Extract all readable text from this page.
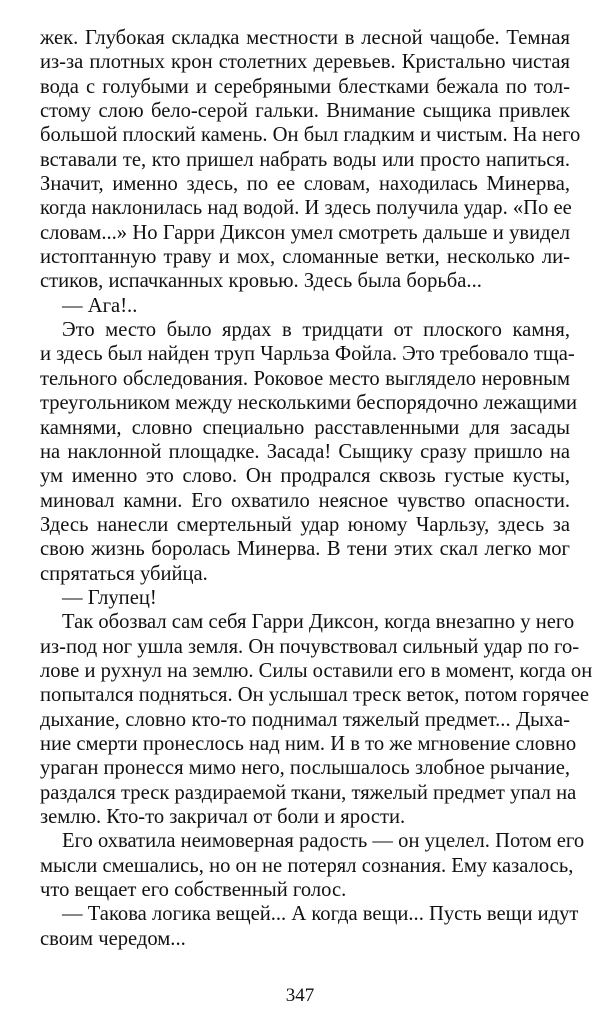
жек. Глубокая складка местности в лесной чащобе. Темная
из-за плотных крон столетних деревьев. Кристально чистая
вода с голубыми и серебряными блестками бежала по тол-
стому слою бело-серой гальки. Внимание сыщика привлек
большой плоский камень. Он был гладким и чистым. На него
вставали те, кто пришел набрать воды или просто напиться.
Значит, именно здесь, по ее словам, находилась Минерва,
когда наклонилась над водой. И здесь получила удар. «По ее
словам...» Но Гарри Диксон умел смотреть дальше и увидел
истоптанную траву и мох, сломанные ветки, несколько ли-
стиков, испачканных кровью. Здесь была борьба...
— Ага!..
Это место было ярдах в тридцати от плоского камня,
и здесь был найден труп Чарльза Фойла. Это требовало тща-
тельного обследования. Роковое место выглядело неровным
треугольником между несколькими беспорядочно лежащими
камнями, словно специально расставленными для засады
на наклонной площадке. Засада! Сыщику сразу пришло на
ум именно это слово. Он продрался сквозь густые кусты,
миновал камни. Его охватило неясное чувство опасности.
Здесь нанесли смертельный удар юному Чарльзу, здесь за
свою жизнь боролась Минерва. В тени этих скал легко мог
спрятаться убийца.
— Глупец!
Так обозвал сам себя Гарри Диксон, когда внезапно у него
из-под ног ушла земля. Он почувствовал сильный удар по го-
лове и рухнул на землю. Силы оставили его в момент, когда он
попытался подняться. Он услышал треск веток, потом горячее
дыхание, словно кто-то поднимал тяжелый предмет... Дыха-
ние смерти пронеслось над ним. И в то же мгновение словно
ураган пронесся мимо него, послышалось злобное рычание,
раздался треск раздираемой ткани, тяжелый предмет упал на
землю. Кто-то закричал от боли и ярости.
Его охватила неимоверная радость — он уцелел. Потом его
мысли смешались, но он не потерял сознания. Ему казалось,
что вещает его собственный голос.
— Такова логика вещей... А когда вещи... Пусть вещи идут
своим чередом...
347
